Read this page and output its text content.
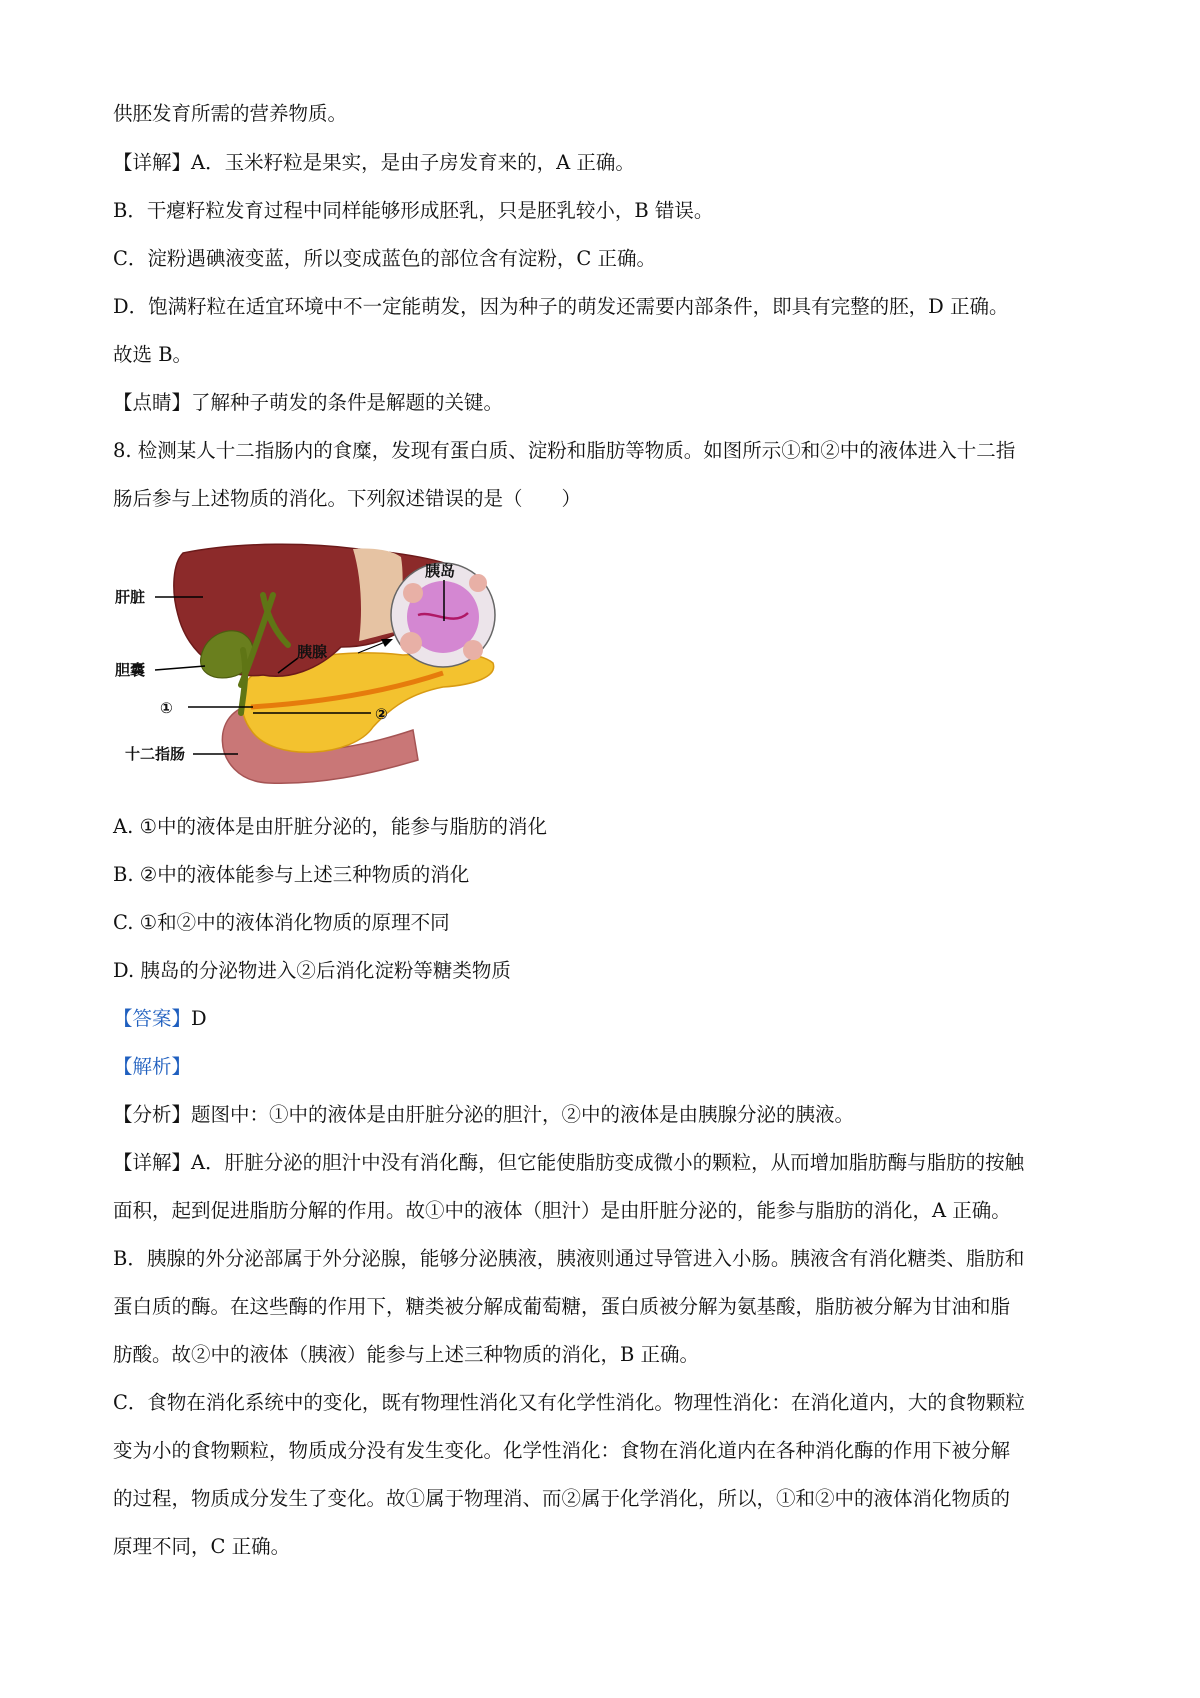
供胚发育所需的营养物质。
【详解】A．玉米籽粒是果实，是由子房发育来的，A 正确。
B．干瘪籽粒发育过程中同样能够形成胚乳，只是胚乳较小，B 错误。
C．淀粉遇碘液变蓝，所以变成蓝色的部位含有淀粉，C 正确。
D．饱满籽粒在适宜环境中不一定能萌发，因为种子的萌发还需要内部条件，即具有完整的胚，D 正确。
故选 B。
【点睛】了解种子萌发的条件是解题的关键。
8. 检测某人十二指肠内的食糜，发现有蛋白质、淀粉和脂肪等物质。如图所示①和②中的液体进入十二指
肠后参与上述物质的消化。下列叙述错误的是（　　）
肝脏
胆囊
①	②
十二指肠
胰腺
胰岛
A. ①中的液体是由肝脏分泌的，能参与脂肪的消化
B. ②中的液体能参与上述三种物质的消化
C. ①和②中的液体消化物质的原理不同
D. 胰岛的分泌物进入②后消化淀粉等糖类物质
【答案】D
【解析】
【分析】题图中：①中的液体是由肝脏分泌的胆汁，②中的液体是由胰腺分泌的胰液。
【详解】A．肝脏分泌的胆汁中没有消化酶，但它能使脂肪变成微小的颗粒，从而增加脂肪酶与脂肪的按触
面积，起到促进脂肪分解的作用。故①中的液体（胆汁）是由肝脏分泌的，能参与脂肪的消化，A 正确。
B．胰腺的外分泌部属于外分泌腺，能够分泌胰液，胰液则通过导管进入小肠。胰液含有消化糖类、脂肪和
蛋白质的酶。在这些酶的作用下，糖类被分解成葡萄糖，蛋白质被分解为氨基酸，脂肪被分解为甘油和脂
肪酸。故②中的液体（胰液）能参与上述三种物质的消化，B 正确。
C．食物在消化系统中的变化，既有物理性消化又有化学性消化。物理性消化：在消化道内，大的食物颗粒
变为小的食物颗粒，物质成分没有发生变化。化学性消化：食物在消化道内在各种消化酶的作用下被分解
的过程，物质成分发生了变化。故①属于物理消、而②属于化学消化，所以，①和②中的液体消化物质的
原理不同，C 正确。
